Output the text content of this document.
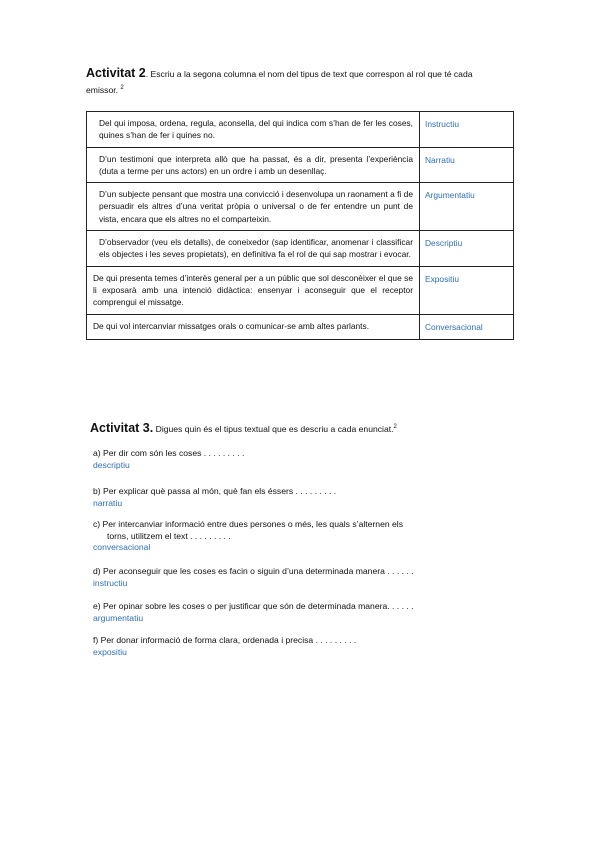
Activitat 2. Escriu a la segona columna el nom del tipus de text que correspon al rol que té cada emissor. $^2$
Del qui imposa, ordena, regula, aconsella, del qui indica com s’han de fer les coses, quines s’han de fer i quines no.	Instructiu
D’un testimoni que interpreta allò que ha passat, és a dir, presenta l’experiència (duta a terme per uns actors) en un ordre i amb un desenllaç.	Narratiu
D’un subjecte pensant que mostra una convicció i desenvolupa un raonament a fi de persuadir els altres d’una veritat pròpia o universal o de fer entendre un punt de vista, encara que els altres no el comparteixin.	Argumentatiu
D’observador (veu els detalls), de coneixedor (sap identificar, anomenar i classificar els objectes i les seves propietats), en definitiva fa el rol de qui sap mostrar i evocar.	Descriptiu
De qui presenta temes d’interès general per a un públic que sol desconèixer el que se li exposarà amb una intenció didàctica: ensenyar i aconseguir que el receptor comprengui el missatge.	Expositiu
De qui vol intercanviar missatges orals o comunicar-se amb altes parlants.	Conversacional
Activitat 3. Digues quin és el tipus textual que es descriu a cada enunciat.$^2$
a) Per dir com són les coses . . . . . . . . .
descriptiu
b) Per explicar què passa al món, què fan els éssers . . . . . . . . .
narratiu
c) Per intercanviar informació entre dues persones o més, les quals s’alternen els
torns, utilitzem el text . . . . . . . . .
conversacional
d) Per aconseguir que les coses es facin o siguin d’una determinada manera . . . . . .
instructiu
e) Per opinar sobre les coses o per justificar que són de determinada manera. . . . . .
argumentatiu
f) Per donar informació de forma clara, ordenada i precisa . . . . . . . . .
expositiu
